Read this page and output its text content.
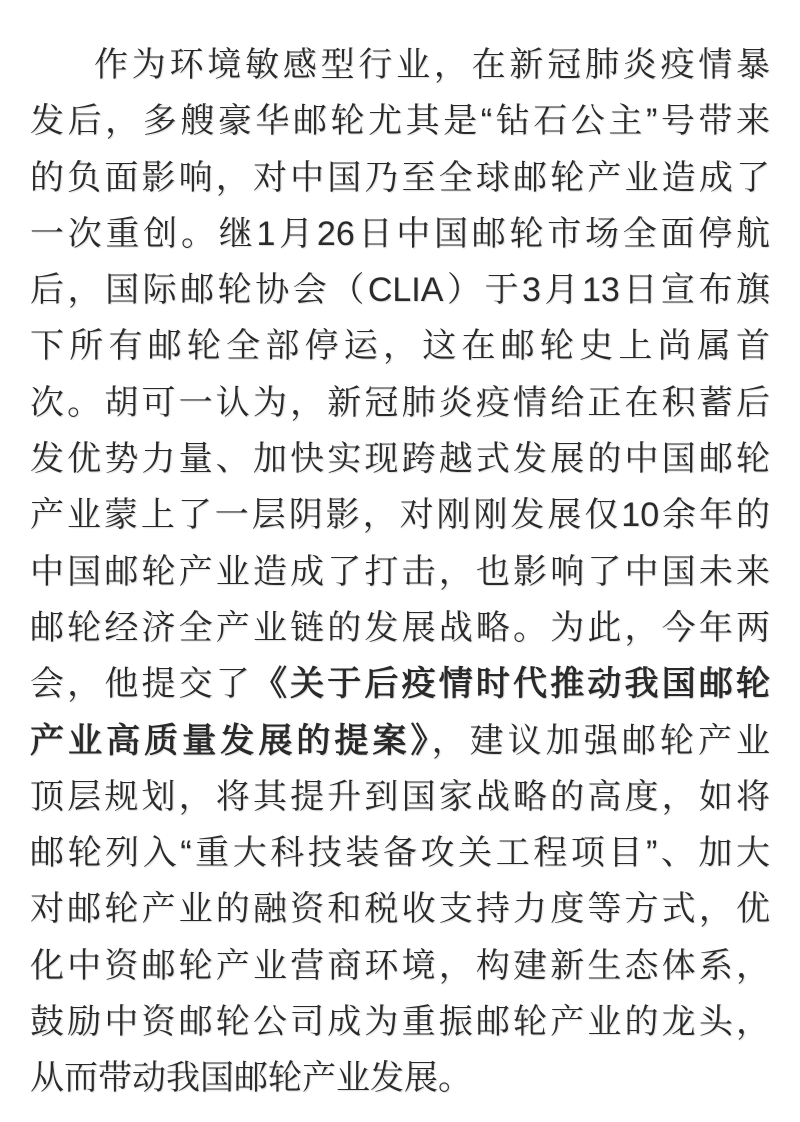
作为环境敏感型行业，在新冠肺炎疫情暴
发后，多艘豪华邮轮尤其是“钻石公主”号带来
的负面影响，对中国乃至全球邮轮产业造成了
一次重创。继1月26日中国邮轮市场全面停航
后，国际邮轮协会（CLIA）于3月13日宣布旗
下所有邮轮全部停运，这在邮轮史上尚属首
次。胡可一认为，新冠肺炎疫情给正在积蓄后
发优势力量、加快实现跨越式发展的中国邮轮
产业蒙上了一层阴影，对刚刚发展仅10余年的
中国邮轮产业造成了打击，也影响了中国未来
邮轮经济全产业链的发展战略。为此，今年两
会，他提交了《关于后疫情时代推动我国邮轮
产业高质量发展的提案》，建议加强邮轮产业
顶层规划，将其提升到国家战略的高度，如将
邮轮列入“重大科技装备攻关工程项目”、加大
对邮轮产业的融资和税收支持力度等方式，优
化中资邮轮产业营商环境，构建新生态体系，
鼓励中资邮轮公司成为重振邮轮产业的龙头，
从而带动我国邮轮产业发展。
